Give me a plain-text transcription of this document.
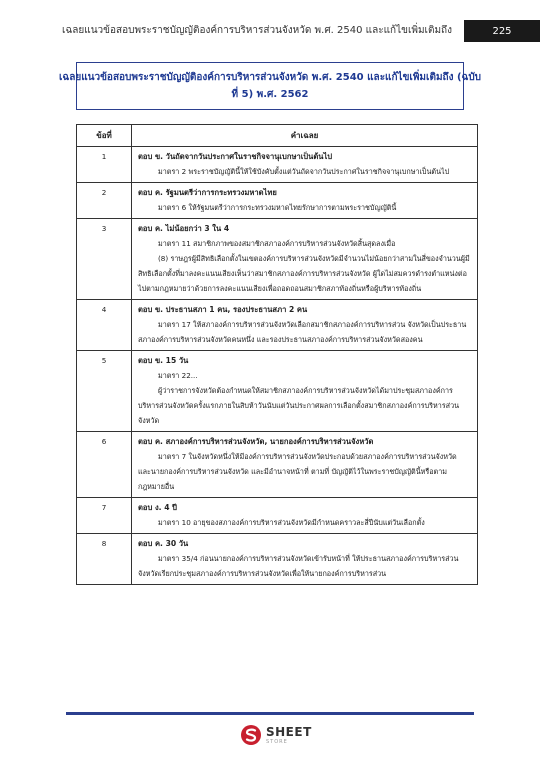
เฉลยแนวข้อสอบพระราชบัญญัติองค์การบริหารส่วนจังหวัด พ.ศ. 2540 และแก้ไขเพิ่มเติมถึง	225
เฉลยแนวข้อสอบพระราชบัญญัติองค์การบริหารส่วนจังหวัด พ.ศ. 2540 และแก้ไขเพิ่มเติมถึง (ฉบับ
ที่ 5) พ.ศ. 2562
ข้อที่	คำเฉลย
1	ตอบ ข. วันถัดจากวันประกาศในราชกิจจานุเบกษาเป็นต้นไป

มาตรา 2 พระราชบัญญัตินี้ให้ใช้บังคับตั้งแต่วันถัดจากวันประกาศในราชกิจจานุเบกษาเป็นต้นไป

2	ตอบ ค. รัฐมนตรีว่าการกระทรวงมหาดไทย

มาตรา 6 ให้รัฐมนตรีว่าการกระทรวงมหาดไทยรักษาการตามพระราชบัญญัตินี้

3	ตอบ ค. ไม่น้อยกว่า 3 ใน 4

มาตรา 11 สมาชิกภาพของสมาชิกสภาองค์การบริหารส่วนจังหวัดสิ้นสุดลงเมื่อ

(8) ราษฎรผู้มีสิทธิเลือกตั้งในเขตองค์การบริหารส่วนจังหวัดมีจำนวนไม่น้อยกว่าสามในสี่ของจำนวนผู้มีสิทธิเลือกตั้งที่มาลงคะแนนเสียงเห็นว่าสมาชิกสภาองค์การบริหารส่วนจังหวัด ผู้ใดไม่สมควรดำรงตำแหน่งต่อไปตามกฎหมายว่าด้วยการลงคะแนนเสียงเพื่อถอดถอนสมาชิกสภาท้องถิ่นหรือผู้บริหารท้องถิ่น

4	ตอบ ข. ประธานสภา 1 คน, รองประธานสภา 2 คน

มาตรา 17 ให้สภาองค์การบริหารส่วนจังหวัดเลือกสมาชิกสภาองค์การบริหารส่วน จังหวัดเป็นประธานสภาองค์การบริหารส่วนจังหวัดคนหนึ่ง และรองประธานสภาองค์การบริหารส่วนจังหวัดสองคน

5	ตอบ ข. 15 วัน

มาตรา 22...

ผู้ว่าราชการจังหวัดต้องกำหนดให้สมาชิกสภาองค์การบริหารส่วนจังหวัดได้มาประชุมสภาองค์การบริหารส่วนจังหวัดครั้งแรกภายในสิบห้าวันนับแต่วันประกาศผลการเลือกตั้งสมาชิกสภาองค์การบริหารส่วนจังหวัด

6	ตอบ ค. สภาองค์การบริหารส่วนจังหวัด, นายกองค์การบริหารส่วนจังหวัด

มาตรา 7 ในจังหวัดหนึ่งให้มีองค์การบริหารส่วนจังหวัดประกอบด้วยสภาองค์การบริหารส่วนจังหวัด และนายกองค์การบริหารส่วนจังหวัด และมีอำนาจหน้าที่ ตามที่ บัญญัติไว้ในพระราชบัญญัตินี้หรือตามกฎหมายอื่น

7	ตอบ ง. 4 ปี

มาตรา 10 อายุของสภาองค์การบริหารส่วนจังหวัดมีกำหนดคราวละสี่ปีนับแต่วันเลือกตั้ง

8	ตอบ ค. 30 วัน

มาตรา 35/4 ก่อนนายกองค์การบริหารส่วนจังหวัดเข้ารับหน้าที่ ให้ประธานสภาองค์การบริหารส่วนจังหวัดเรียกประชุมสภาองค์การบริหารส่วนจังหวัดเพื่อให้นายกองค์การบริหารส่วน

SHEET
STORE
